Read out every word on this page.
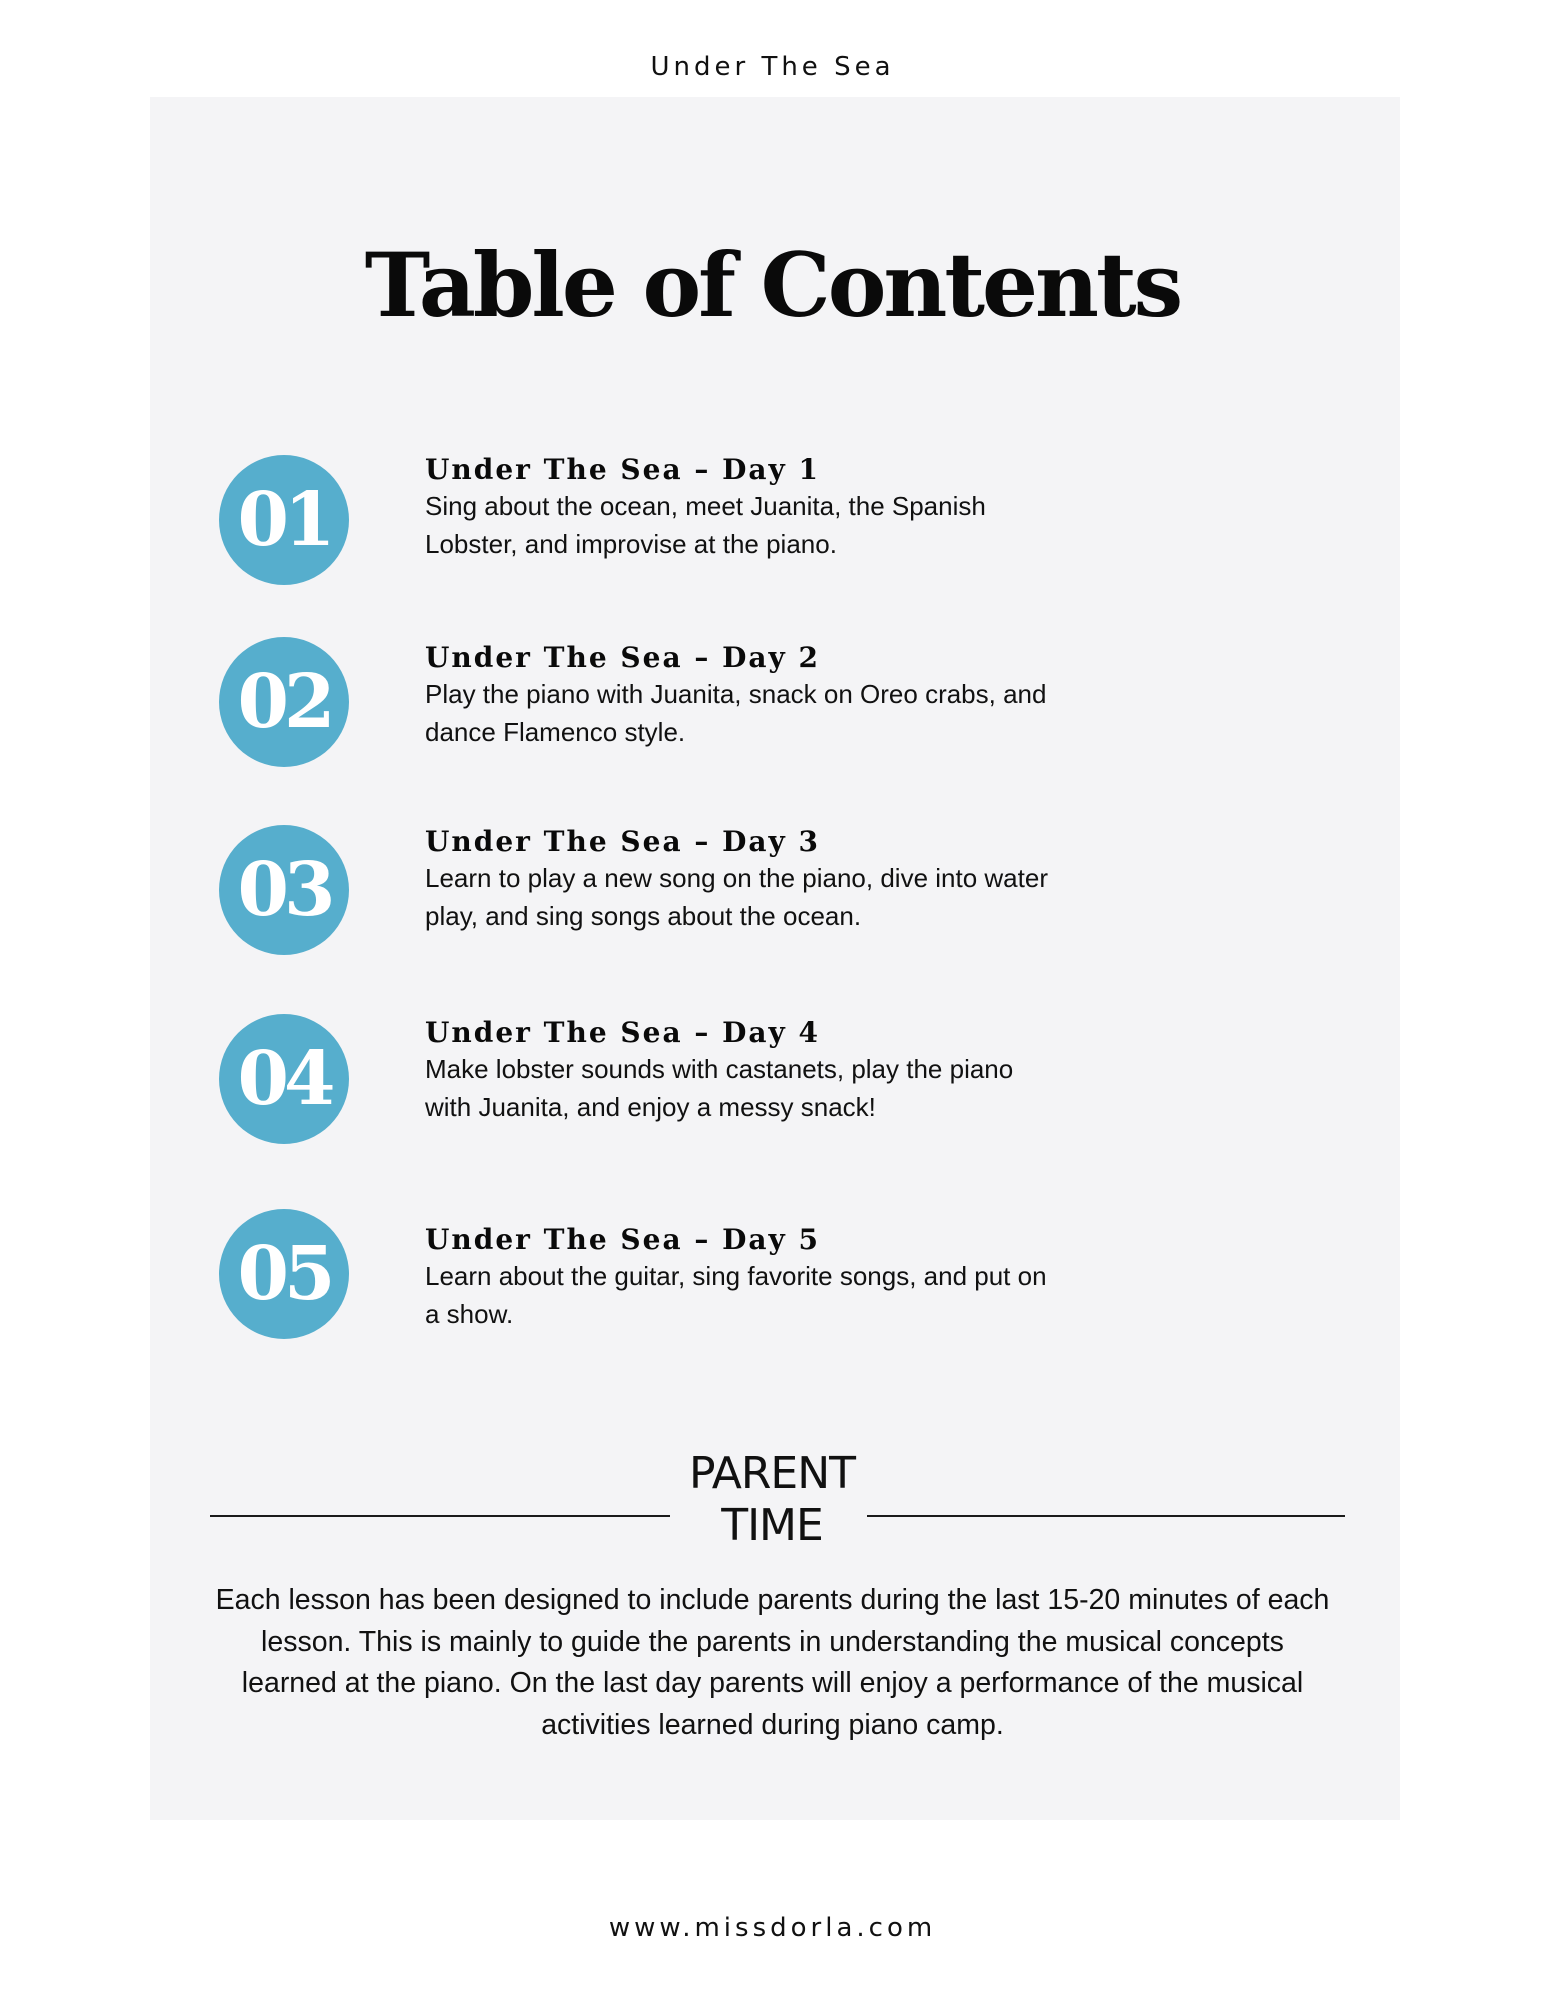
Under The Sea
Table of Contents
01
Under The Sea – Day 1
Sing about the ocean, meet Juanita, the Spanish Lobster, and improvise at the piano.
02
Under The Sea – Day 2
Play the piano with Juanita, snack on Oreo crabs, and dance Flamenco style.
03
Under The Sea – Day 3
Learn to play a new song on the piano, dive into water play, and sing songs about the ocean.
04
Under The Sea – Day 4
Make lobster sounds with castanets, play the piano with Juanita, and enjoy a messy snack!
05	Under The Sea – Day 5
Learn about the guitar, sing favorite songs, and put on a show.
PARENT
TIME
Each lesson has been designed to include parents during the last 15-20 minutes of each lesson. This is mainly to guide the parents in understanding the musical concepts learned at the piano. On the last day parents will enjoy a performance of the musical activities learned during piano camp.
www.missdorla.com
